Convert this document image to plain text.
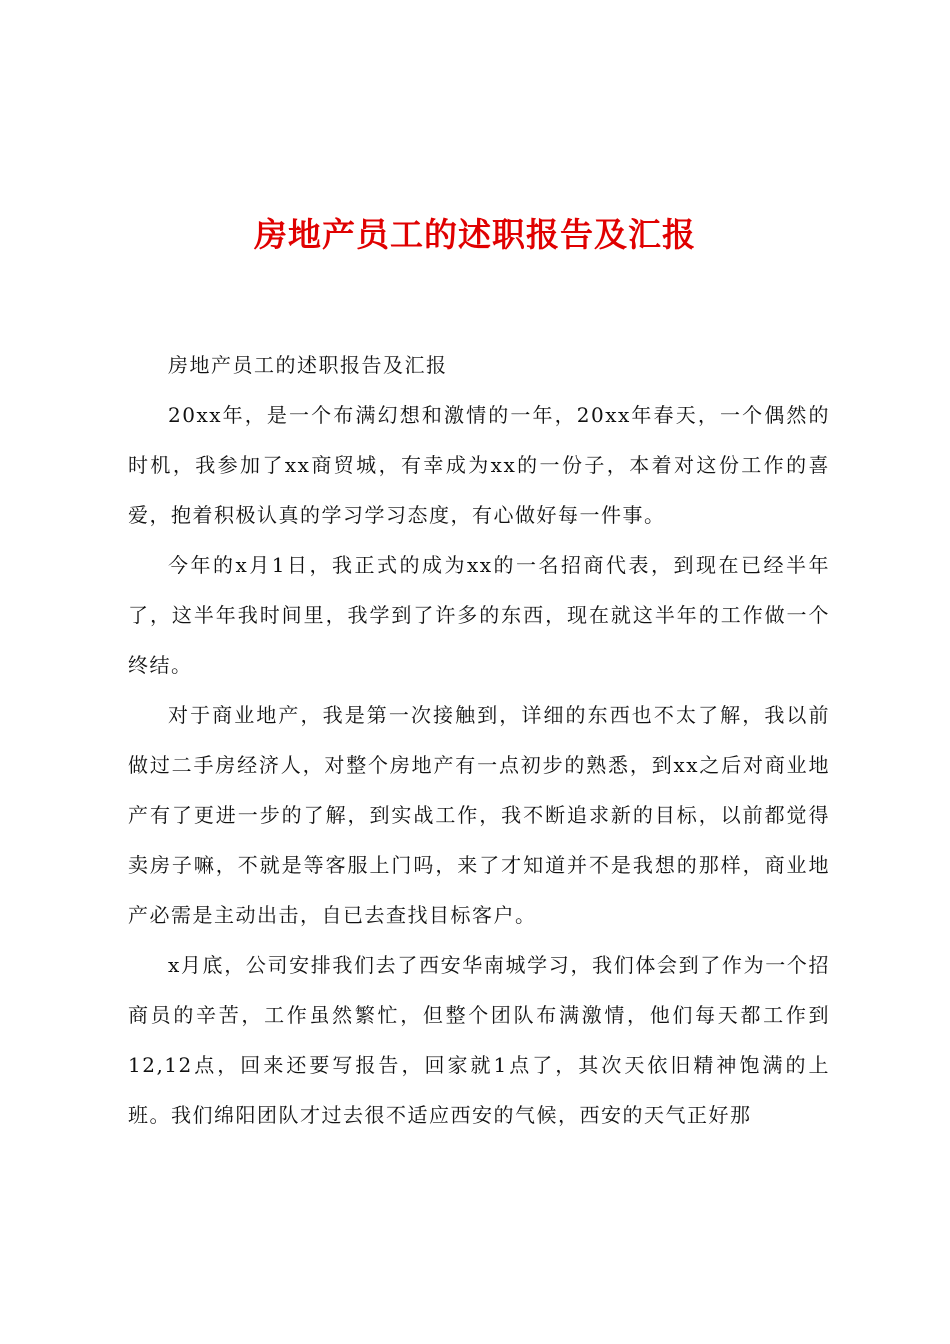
房地产员工的述职报告及汇报

房地产员工的述职报告及汇报

20xx年，是一个布满幻想和激情的一年，20xx年春天，一个偶然的时机，我参加了xx商贸城，有幸成为xx的一份子，本着对这份工作的喜爱，抱着积极认真的学习学习态度，有心做好每一件事。

今年的x月1日，我正式的成为xx的一名招商代表，到现在已经半年了，这半年我时间里，我学到了许多的东西，现在就这半年的工作做一个终结。

对于商业地产，我是第一次接触到，详细的东西也不太了解，我以前做过二手房经济人，对整个房地产有一点初步的熟悉，到xx之后对商业地产有了更进一步的了解，到实战工作，我不断追求新的目标，以前都觉得卖房子嘛，不就是等客服上门吗，来了才知道并不是我想的那样，商业地产必需是主动出击，自已去查找目标客户。

x月底，公司安排我们去了西安华南城学习，我们体会到了作为一个招商员的辛苦，工作虽然繁忙，但整个团队布满激情，他们每天都工作到12,12点，回来还要写报告，回家就1点了，其次天依旧精神饱满的上班。我们绵阳团队才过去很不适应西安的气候，西安的天气正好那
